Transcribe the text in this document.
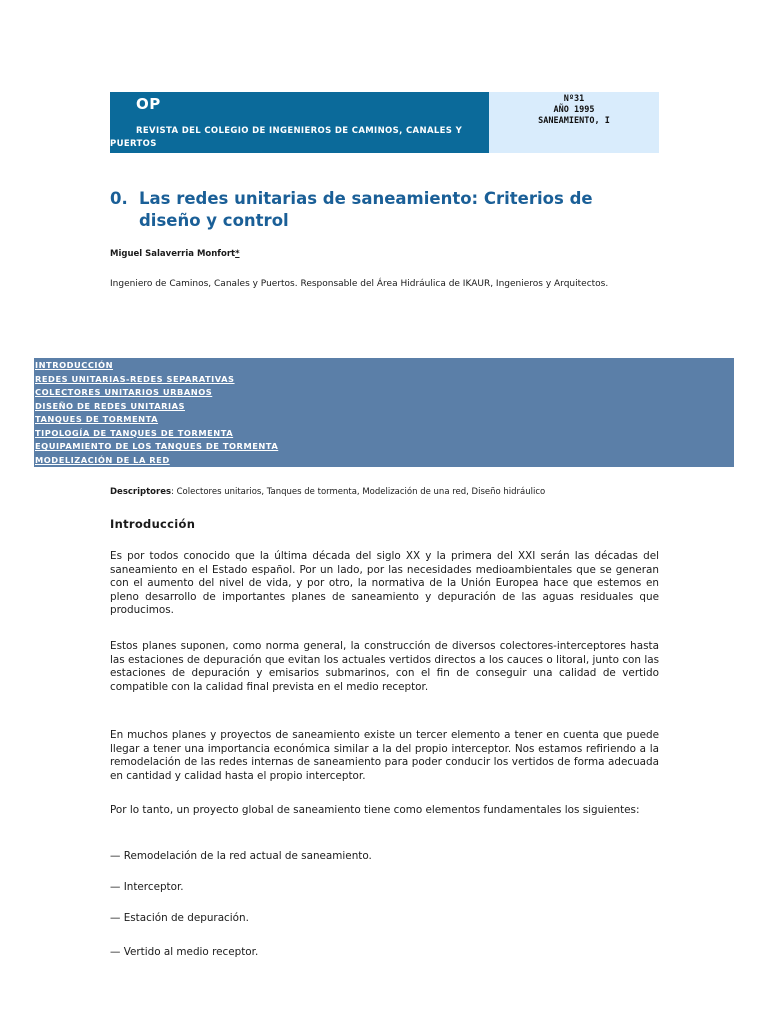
OP
REVISTA DEL COLEGIO DE INGENIEROS DE CAMINOS, CANALES Y PUERTOS
Nº31
AÑO 1995
SANEAMIENTO, I
0. Las redes unitarias de saneamiento: Criterios de diseño y control
Miguel Salaverria Monfort*
Ingeniero de Caminos, Canales y Puertos. Responsable del Área Hidráulica de IKAUR, Ingenieros y Arquitectos.
INTRODUCCIÓN
REDES UNITARIAS-REDES SEPARATIVAS
COLECTORES UNITARIOS URBANOS
DISEÑO DE REDES UNITARIAS
TANQUES DE TORMENTA
TIPOLOGÍA DE TANQUES DE TORMENTA
EQUIPAMIENTO DE LOS TANQUES DE TORMENTA
MODELIZACIÓN DE LA RED
Descriptores: Colectores unitarios, Tanques de tormenta, Modelización de una red, Diseño hidráulico
Introducción
Es por todos conocido que la última década del siglo XX y la primera del XXI serán las décadas del saneamiento en el Estado español. Por un lado, por las necesidades medioambientales que se generan con el aumento del nivel de vida, y por otro, la normativa de la Unión Europea hace que estemos en pleno desarrollo de importantes planes de saneamiento y depuración de las aguas residuales que producimos.
Estos planes suponen, como norma general, la construcción de diversos colectores-interceptores hasta las estaciones de depuración que evitan los actuales vertidos directos a los cauces o litoral, junto con las estaciones de depuración y emisarios submarinos, con el fin de conseguir una calidad de vertido compatible con la calidad final prevista en el medio receptor.
En muchos planes y proyectos de saneamiento existe un tercer elemento a tener en cuenta que puede llegar a tener una importancia económica similar a la del propio interceptor. Nos estamos refiriendo a la remodelación de las redes internas de saneamiento para poder conducir los vertidos de forma adecuada en cantidad y calidad hasta el propio interceptor.
Por lo tanto, un proyecto global de saneamiento tiene como elementos fundamentales los siguientes:
— Remodelación de la red actual de saneamiento.
— Interceptor.
— Estación de depuración.
— Vertido al medio receptor.
